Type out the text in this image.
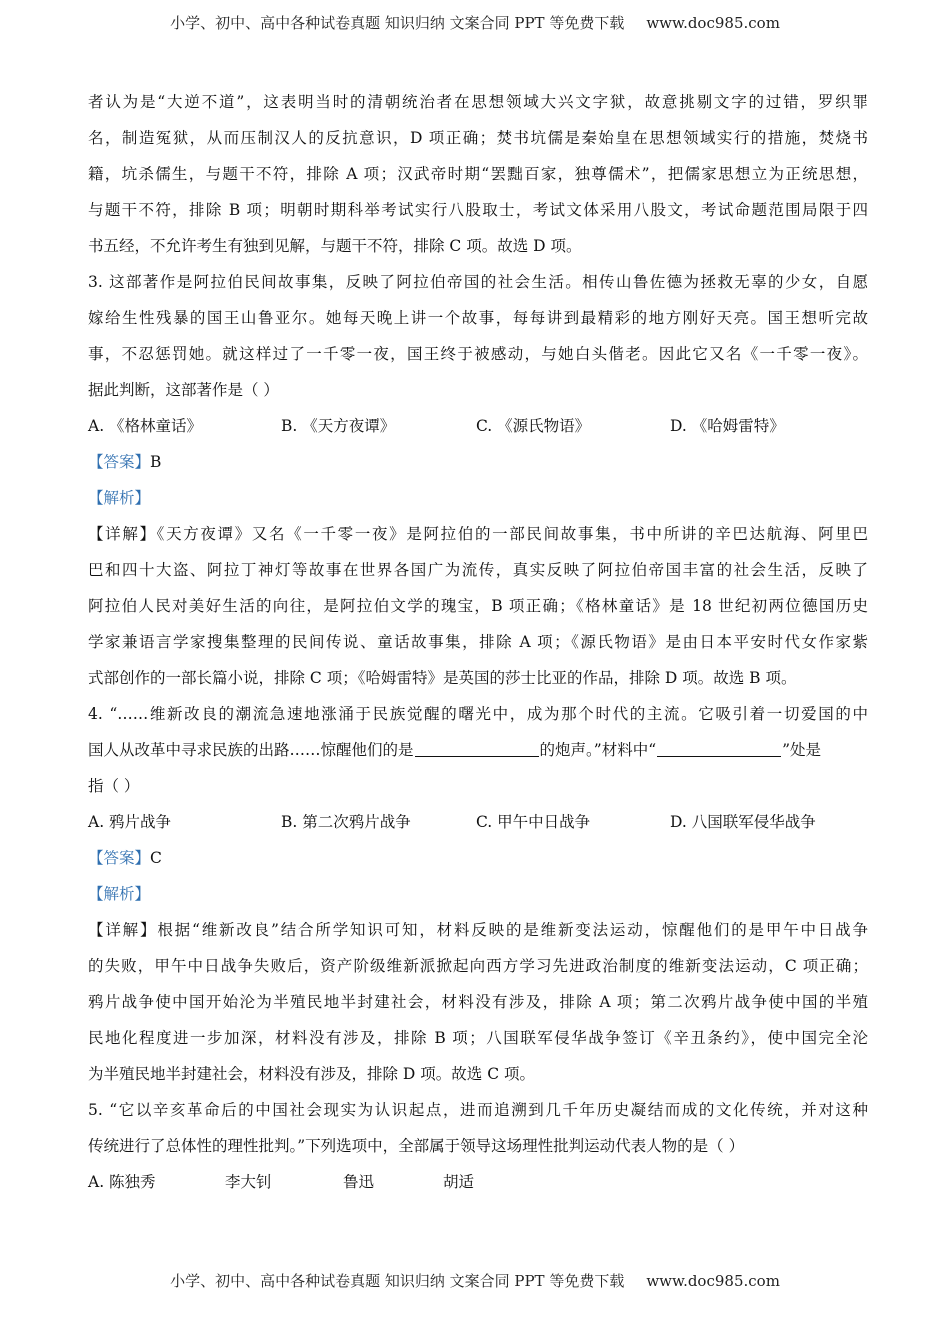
小学、初中、高中各种试卷真题 知识归纳 文案合同 PPT 等免费下载 www.doc985.com
者认为是“大逆不道”，这表明当时的清朝统治者在思想领域大兴文字狱，故意挑剔文字的过错，罗织罪
名，制造冤狱，从而压制汉人的反抗意识，D 项正确；焚书坑儒是秦始皇在思想领域实行的措施，焚烧书
籍，坑杀儒生，与题干不符，排除 A 项；汉武帝时期“罢黜百家，独尊儒术”，把儒家思想立为正统思想，
与题干不符，排除 B 项；明朝时期科举考试实行八股取士，考试文体采用八股文，考试命题范围局限于四
书五经，不允许考生有独到见解，与题干不符，排除 C 项。故选 D 项。
3. 这部著作是阿拉伯民间故事集，反映了阿拉伯帝国的社会生活。相传山鲁佐德为拯救无辜的少女，自愿
嫁给生性残暴的国王山鲁亚尔。她每天晚上讲一个故事，每每讲到最精彩的地方刚好天亮。国王想听完故
事，不忍惩罚她。就这样过了一千零一夜，国王终于被感动，与她白头偕老。因此它又名《一千零一夜》。
据此判断，这部著作是（ ）
A. 《格林童话》	B. 《天方夜谭》	C. 《源氏物语》	D. 《哈姆雷特》
【答案】B
【解析】
【详解】《天方夜谭》又名《一千零一夜》是阿拉伯的一部民间故事集，书中所讲的辛巴达航海、阿里巴
巴和四十大盗、阿拉丁神灯等故事在世界各国广为流传，真实反映了阿拉伯帝国丰富的社会生活，反映了
阿拉伯人民对美好生活的向往，是阿拉伯文学的瑰宝，B 项正确；《格林童话》是 18 世纪初两位德国历史
学家兼语言学家搜集整理的民间传说、童话故事集，排除 A 项；《源氏物语》是由日本平安时代女作家紫
式部创作的一部长篇小说，排除 C 项；《哈姆雷特》是英国的莎士比亚的作品，排除 D 项。故选 B 项。
4. “……维新改良的潮流急速地涨涌于民族觉醒的曙光中，成为那个时代的主流。它吸引着一切爱国的中
国人从改革中寻求民族的出路……惊醒他们的是	的炮声。”材料中“	”处是
指（ ）
A. 鸦片战争	B. 第二次鸦片战争	C. 甲午中日战争	D. 八国联军侵华战争
【答案】C
【解析】
【详解】根据“维新改良”结合所学知识可知，材料反映的是维新变法运动，惊醒他们的是甲午中日战争
的失败，甲午中日战争失败后，资产阶级维新派掀起向西方学习先进政治制度的维新变法运动，C 项正确；
鸦片战争使中国开始沦为半殖民地半封建社会，材料没有涉及，排除 A 项；第二次鸦片战争使中国的半殖
民地化程度进一步加深，材料没有涉及，排除 B 项；八国联军侵华战争签订《辛丑条约》，使中国完全沦
为半殖民地半封建社会，材料没有涉及，排除 D 项。故选 C 项。
5. “它以辛亥革命后的中国社会现实为认识起点，进而追溯到几千年历史凝结而成的文化传统，并对这种
传统进行了总体性的理性批判。”下列选项中，全部属于领导这场理性批判运动代表人物的是（ ）
A. 陈独秀	李大钊	鲁迅	胡适
小学、初中、高中各种试卷真题 知识归纳 文案合同 PPT 等免费下载 www.doc985.com
